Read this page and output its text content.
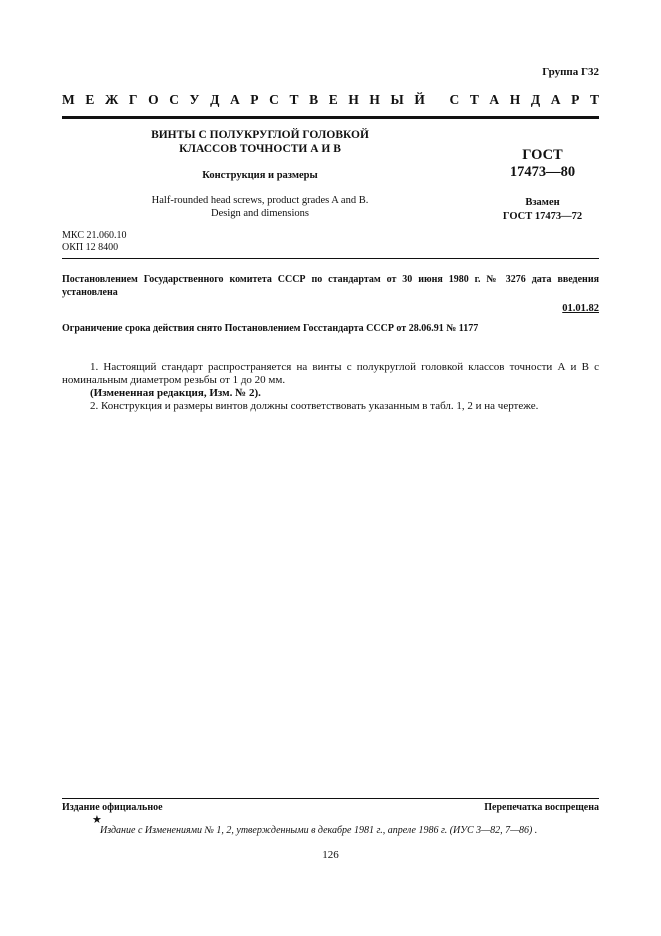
Группа Г32
М Е Ж Г О С У Д А Р С Т В Е Н Н Ы Й
С Т А Н Д А Р Т
ВИНТЫ С ПОЛУКРУГЛОЙ ГОЛОВКОЙ
КЛАССОВ ТОЧНОСТИ А И В
Конструкция и размеры
Half-rounded head screws, product grades A and B.
Design and dimensions
ГОСТ
17473—80
Взамен
ГОСТ 17473—72
МКС 21.060.10
ОКП 12 8400
Постановлением Государственного комитета СССР по стандартам от 30 июня 1980 г. № 3276 дата введения установлена
01.01.82
Ограничение срока действия снято Постановлением Госстандарта СССР от 28.06.91 № 1177

1. Настоящий стандарт распространяется на винты с полукруглой головкой классов точности А и В с номинальным диаметром резьбы от 1 до 20 мм.

(Измененная редакция, Изм. № 2).

2. Конструкция и размеры винтов должны соответствовать указанным в табл. 1, 2 и на чертеже.

Издание официальное	Перепечатка воспрещена
★
Издание с Изменениями № 1, 2, утвержденными в декабре 1981 г., апреле 1986 г. (ИУС 3—82, 7—86) .
126
